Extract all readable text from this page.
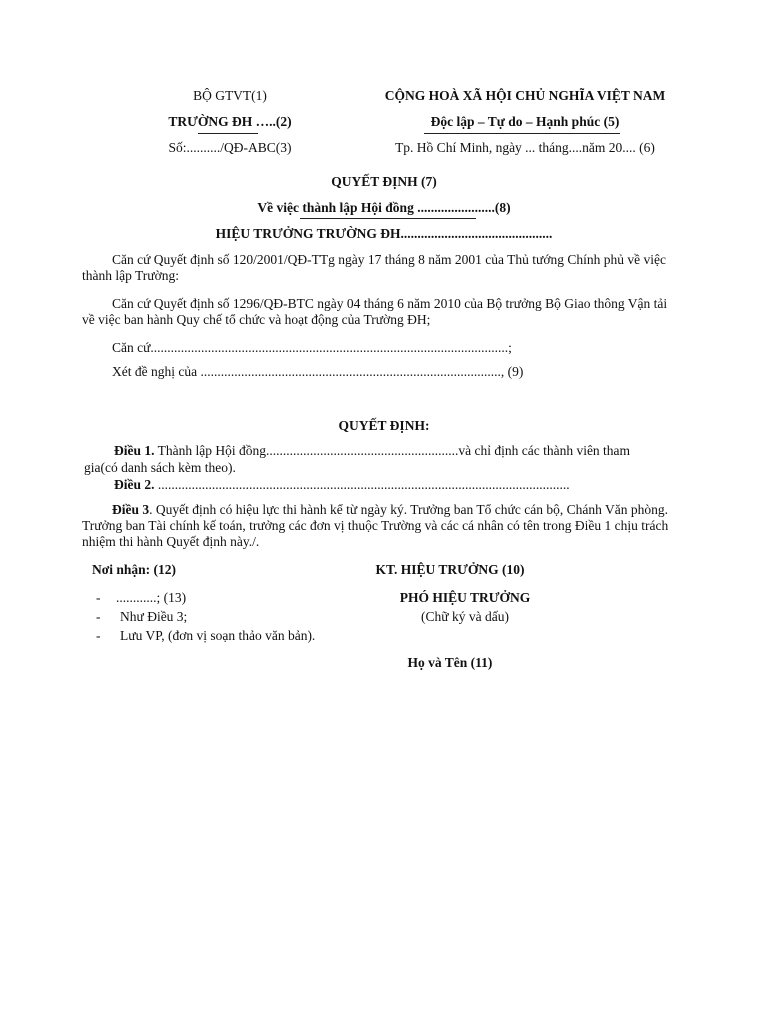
BỘ GTVT(1)
TRƯỜNG ĐH …..(2)
Số:........../QĐ-ABC(3)
CỘNG HOÀ XÃ HỘI CHỦ NGHĨA VIỆT NAM
Độc lập – Tự do – Hạnh phúc (5)
Tp. Hồ Chí Minh, ngày ... tháng....năm 20.... (6)
QUYẾT ĐỊNH (7)
Về việc thành lập Hội đồng .......................(8)
HIỆU TRƯỞNG TRƯỜNG ĐH.............................................
Căn cứ Quyết định số 120/2001/QĐ-TTg ngày 17 tháng 8 năm 2001 của Thủ tướng Chính phủ về việc thành lập Trường:
Căn cứ Quyết định số 1296/QĐ-BTC ngày 04 tháng 6 năm 2010 của Bộ trưởng Bộ Giao thông Vận tải về việc ban hành Quy chế tổ chức và hoạt động của Trường ĐH;
Căn cứ..........................................................................................................;
Xét đề nghị của ........................................................................................., (9)
QUYẾT ĐỊNH:
Điều 1. Thành lập Hội đồng.........................................................và chỉ định các thành viên tham
gia(có danh sách kèm theo).
Điều 2. ..........................................................................................................................
Điều 3. Quyết định có hiệu lực thi hành kể từ ngày ký. Trưởng ban Tổ chức cán bộ, Chánh Văn phòng. Trưởng ban Tài chính kế toán, trưởng các đơn vị thuộc Trường và các cá nhân có tên trong Điều 1 chịu trách nhiệm thi hành Quyết định này./.
Nơi nhận: (12)
- ............; (13)
- Như Điều 3;
- Lưu VP, (đơn vị soạn thảo văn bản).
KT. HIỆU TRƯỞNG (10)
PHÓ HIỆU TRƯỞNG
(Chữ ký và dấu)
Họ và Tên (11)
